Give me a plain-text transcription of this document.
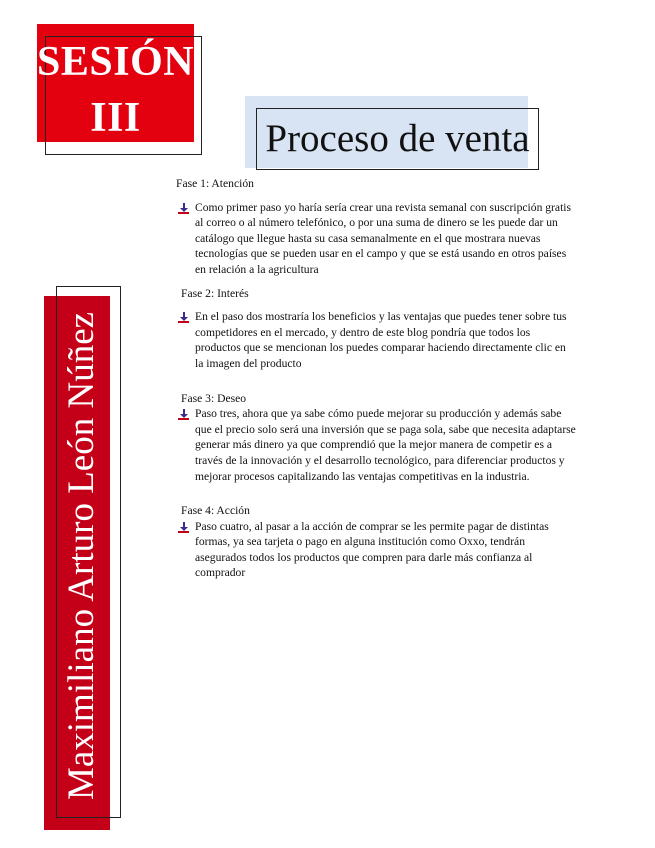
SESIÓN
III	Proceso de venta
Maximiliano Arturo León Núñez

Fase 1: Atención

Como primer paso yo haría sería crear una revista semanal con suscripción gratis al correo o al número telefónico, o por una suma de dinero se les puede dar un catálogo que llegue hasta su casa semanalmente en el que mostrara nuevas tecnologías que se pueden usar en el campo y que se está usando en otros países en relación a la agricultura

Fase 2: Interés

En el paso dos mostraría los beneficios y las ventajas que puedes tener sobre tus competidores en el mercado, y dentro de este blog pondría que todos los productos que se mencionan los puedes comparar haciendo directamente clic en la imagen del producto

Fase 3: Deseo

Paso tres, ahora que ya sabe cómo puede mejorar su producción y además sabe que el precio solo será una inversión que se paga sola, sabe que necesita adaptarse generar más dinero ya que comprendió que la mejor manera de competir es a través de la innovación y el desarrollo tecnológico, para diferenciar productos y mejorar procesos capitalizando las ventajas competitivas en la industria.

Fase 4: Acción

Paso cuatro, al pasar a la acción de comprar se les permite pagar de distintas formas, ya sea tarjeta o pago en alguna institución como Oxxo, tendrán asegurados todos los productos que compren para darle más confianza al comprador
